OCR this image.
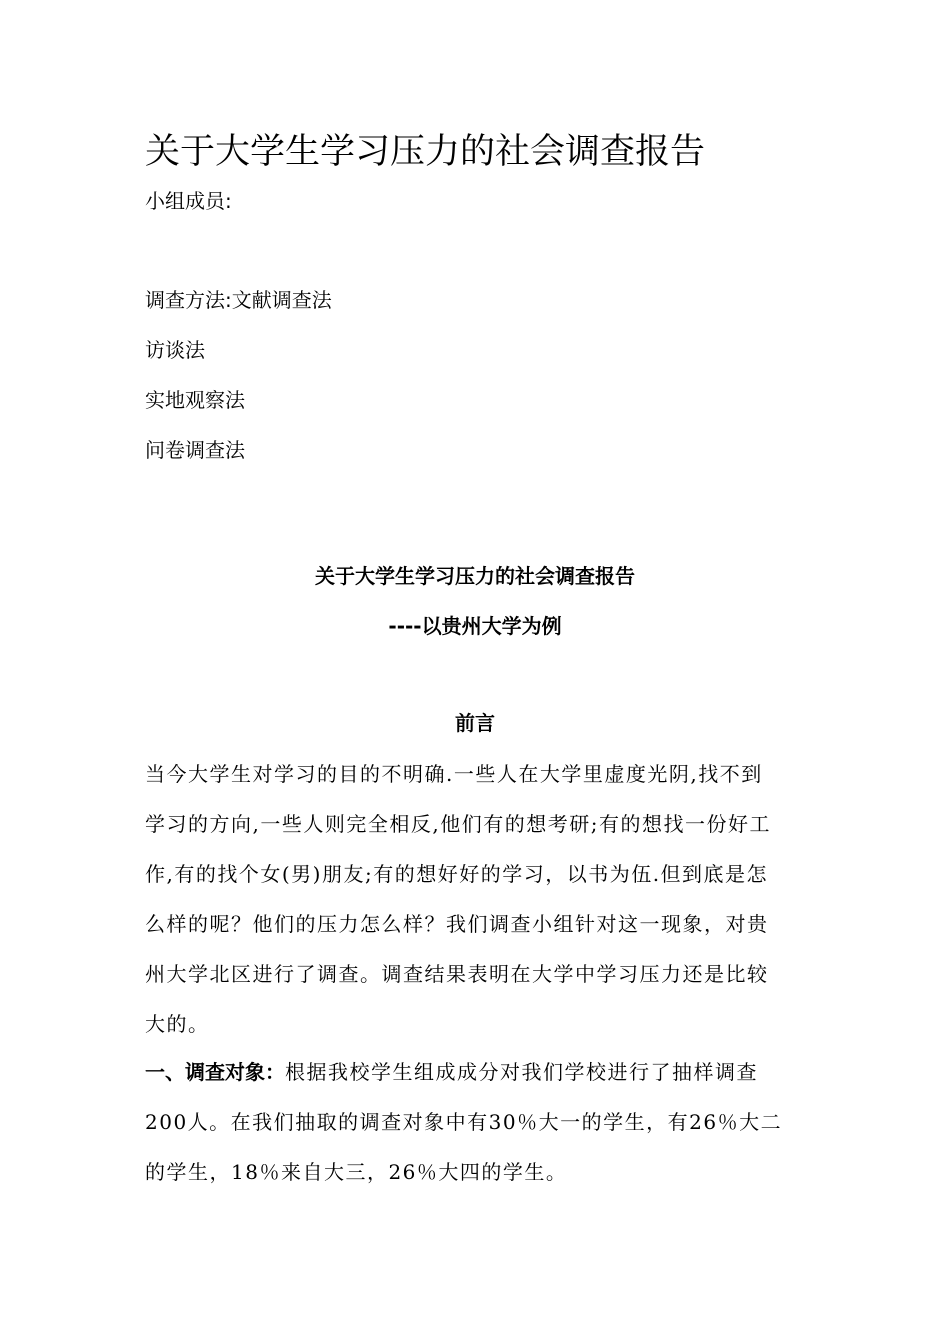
关于大学生学习压力的社会调查报告
小组成员:
调查方法:文献调查法
访谈法
实地观察法
问卷调查法
关于大学生学习压力的社会调查报告
----以贵州大学为例
前言
当今大学生对学习的目的不明确.一些人在大学里虚度光阴,找不到
学习的方向,一些人则完全相反,他们有的想考研;有的想找一份好工
作,有的找个女(男)朋友;有的想好好的学习，以书为伍.但到底是怎
么样的呢？他们的压力怎么样？我们调查小组针对这一现象，对贵
州大学北区进行了调查。调查结果表明在大学中学习压力还是比较
大的。
一、调查对象：根据我校学生组成成分对我们学校进行了抽样调查
200人。在我们抽取的调查对象中有30％大一的学生，有26％大二
的学生，18％来自大三，26％大四的学生。
